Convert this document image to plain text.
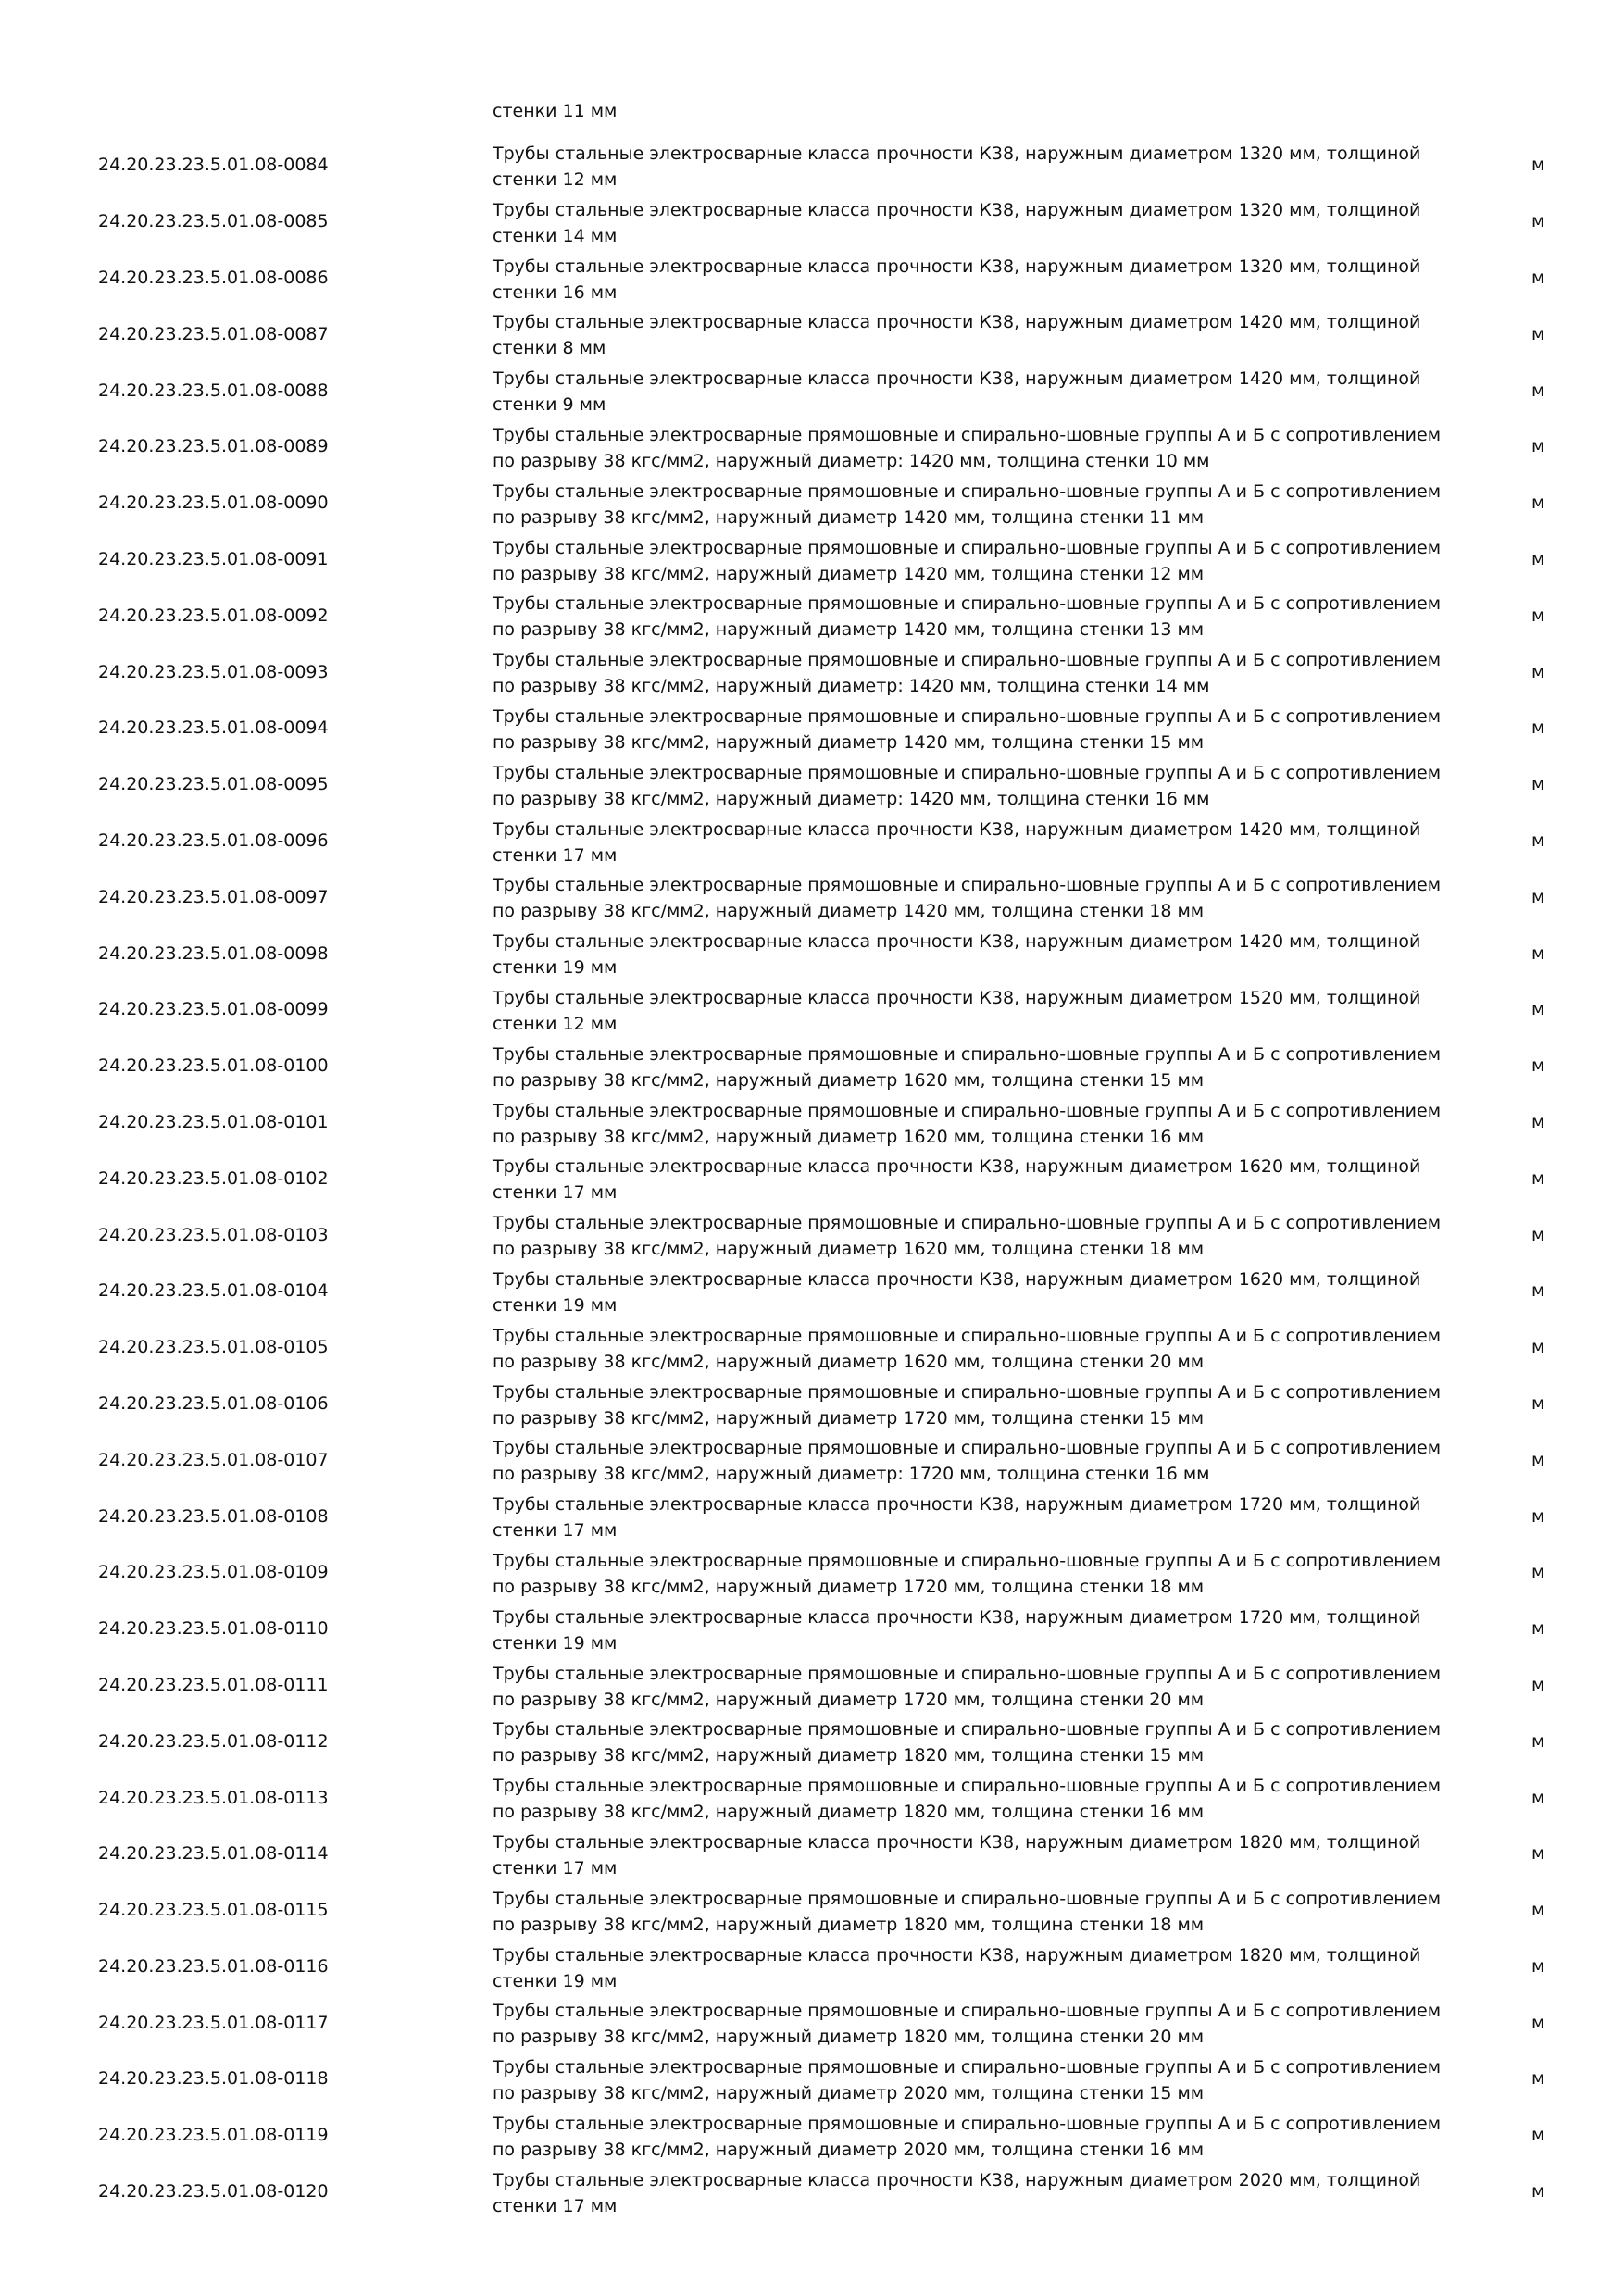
стенки 11 мм
24.20.23.23.5.01.08-0084
Трубы стальные электросварные класса прочности К38, наружным диаметром 1320 мм, толщиной
стенки 12 мм
м
24.20.23.23.5.01.08-0085
Трубы стальные электросварные класса прочности К38, наружным диаметром 1320 мм, толщиной
стенки 14 мм
м
24.20.23.23.5.01.08-0086
Трубы стальные электросварные класса прочности К38, наружным диаметром 1320 мм, толщиной
стенки 16 мм
м
24.20.23.23.5.01.08-0087
Трубы стальные электросварные класса прочности К38, наружным диаметром 1420 мм, толщиной
стенки 8 мм
м
24.20.23.23.5.01.08-0088
Трубы стальные электросварные класса прочности К38, наружным диаметром 1420 мм, толщиной
стенки 9 мм
м
24.20.23.23.5.01.08-0089
Трубы стальные электросварные прямошовные и спирально-шовные группы А и Б с сопротивлением
по разрыву 38 кгс/мм2, наружный диаметр: 1420 мм, толщина стенки 10 мм
м
24.20.23.23.5.01.08-0090
Трубы стальные электросварные прямошовные и спирально-шовные группы А и Б с сопротивлением
по разрыву 38 кгс/мм2, наружный диаметр 1420 мм, толщина стенки 11 мм
м
24.20.23.23.5.01.08-0091
Трубы стальные электросварные прямошовные и спирально-шовные группы А и Б с сопротивлением
по разрыву 38 кгс/мм2, наружный диаметр 1420 мм, толщина стенки 12 мм
м
24.20.23.23.5.01.08-0092
Трубы стальные электросварные прямошовные и спирально-шовные группы А и Б с сопротивлением
по разрыву 38 кгс/мм2, наружный диаметр 1420 мм, толщина стенки 13 мм
м
24.20.23.23.5.01.08-0093
Трубы стальные электросварные прямошовные и спирально-шовные группы А и Б с сопротивлением
по разрыву 38 кгс/мм2, наружный диаметр: 1420 мм, толщина стенки 14 мм
м
24.20.23.23.5.01.08-0094
Трубы стальные электросварные прямошовные и спирально-шовные группы А и Б с сопротивлением
по разрыву 38 кгс/мм2, наружный диаметр 1420 мм, толщина стенки 15 мм
м
24.20.23.23.5.01.08-0095
Трубы стальные электросварные прямошовные и спирально-шовные группы А и Б с сопротивлением
по разрыву 38 кгс/мм2, наружный диаметр: 1420 мм, толщина стенки 16 мм
м
24.20.23.23.5.01.08-0096
Трубы стальные электросварные класса прочности К38, наружным диаметром 1420 мм, толщиной
стенки 17 мм
м
24.20.23.23.5.01.08-0097
Трубы стальные электросварные прямошовные и спирально-шовные группы А и Б с сопротивлением
по разрыву 38 кгс/мм2, наружный диаметр 1420 мм, толщина стенки 18 мм
м
24.20.23.23.5.01.08-0098
Трубы стальные электросварные класса прочности К38, наружным диаметром 1420 мм, толщиной
стенки 19 мм
м
24.20.23.23.5.01.08-0099
Трубы стальные электросварные класса прочности К38, наружным диаметром 1520 мм, толщиной
стенки 12 мм
м
24.20.23.23.5.01.08-0100
Трубы стальные электросварные прямошовные и спирально-шовные группы А и Б с сопротивлением
по разрыву 38 кгс/мм2, наружный диаметр 1620 мм, толщина стенки 15 мм
м
24.20.23.23.5.01.08-0101
Трубы стальные электросварные прямошовные и спирально-шовные группы А и Б с сопротивлением
по разрыву 38 кгс/мм2, наружный диаметр 1620 мм, толщина стенки 16 мм
м
24.20.23.23.5.01.08-0102
Трубы стальные электросварные класса прочности К38, наружным диаметром 1620 мм, толщиной
стенки 17 мм
м
24.20.23.23.5.01.08-0103
Трубы стальные электросварные прямошовные и спирально-шовные группы А и Б с сопротивлением
по разрыву 38 кгс/мм2, наружный диаметр 1620 мм, толщина стенки 18 мм
м
24.20.23.23.5.01.08-0104
Трубы стальные электросварные класса прочности К38, наружным диаметром 1620 мм, толщиной
стенки 19 мм
м
24.20.23.23.5.01.08-0105
Трубы стальные электросварные прямошовные и спирально-шовные группы А и Б с сопротивлением
по разрыву 38 кгс/мм2, наружный диаметр 1620 мм, толщина стенки 20 мм
м
24.20.23.23.5.01.08-0106
Трубы стальные электросварные прямошовные и спирально-шовные группы А и Б с сопротивлением
по разрыву 38 кгс/мм2, наружный диаметр 1720 мм, толщина стенки 15 мм
м
24.20.23.23.5.01.08-0107
Трубы стальные электросварные прямошовные и спирально-шовные группы А и Б с сопротивлением
по разрыву 38 кгс/мм2, наружный диаметр: 1720 мм, толщина стенки 16 мм
м
24.20.23.23.5.01.08-0108
Трубы стальные электросварные класса прочности К38, наружным диаметром 1720 мм, толщиной
стенки 17 мм
м
24.20.23.23.5.01.08-0109
Трубы стальные электросварные прямошовные и спирально-шовные группы А и Б с сопротивлением
по разрыву 38 кгс/мм2, наружный диаметр 1720 мм, толщина стенки 18 мм
м
24.20.23.23.5.01.08-0110
Трубы стальные электросварные класса прочности К38, наружным диаметром 1720 мм, толщиной
стенки 19 мм
м
24.20.23.23.5.01.08-0111
Трубы стальные электросварные прямошовные и спирально-шовные группы А и Б с сопротивлением
по разрыву 38 кгс/мм2, наружный диаметр 1720 мм, толщина стенки 20 мм
м
24.20.23.23.5.01.08-0112
Трубы стальные электросварные прямошовные и спирально-шовные группы А и Б с сопротивлением
по разрыву 38 кгс/мм2, наружный диаметр 1820 мм, толщина стенки 15 мм
м
24.20.23.23.5.01.08-0113
Трубы стальные электросварные прямошовные и спирально-шовные группы А и Б с сопротивлением
по разрыву 38 кгс/мм2, наружный диаметр 1820 мм, толщина стенки 16 мм
м
24.20.23.23.5.01.08-0114
Трубы стальные электросварные класса прочности К38, наружным диаметром 1820 мм, толщиной
стенки 17 мм
м
24.20.23.23.5.01.08-0115
Трубы стальные электросварные прямошовные и спирально-шовные группы А и Б с сопротивлением
по разрыву 38 кгс/мм2, наружный диаметр 1820 мм, толщина стенки 18 мм
м
24.20.23.23.5.01.08-0116
Трубы стальные электросварные класса прочности К38, наружным диаметром 1820 мм, толщиной
стенки 19 мм
м
24.20.23.23.5.01.08-0117
Трубы стальные электросварные прямошовные и спирально-шовные группы А и Б с сопротивлением
по разрыву 38 кгс/мм2, наружный диаметр 1820 мм, толщина стенки 20 мм
м
24.20.23.23.5.01.08-0118
Трубы стальные электросварные прямошовные и спирально-шовные группы А и Б с сопротивлением
по разрыву 38 кгс/мм2, наружный диаметр 2020 мм, толщина стенки 15 мм
м
24.20.23.23.5.01.08-0119
Трубы стальные электросварные прямошовные и спирально-шовные группы А и Б с сопротивлением
по разрыву 38 кгс/мм2, наружный диаметр 2020 мм, толщина стенки 16 мм
м
24.20.23.23.5.01.08-0120
Трубы стальные электросварные класса прочности К38, наружным диаметром 2020 мм, толщиной
стенки 17 мм
м
